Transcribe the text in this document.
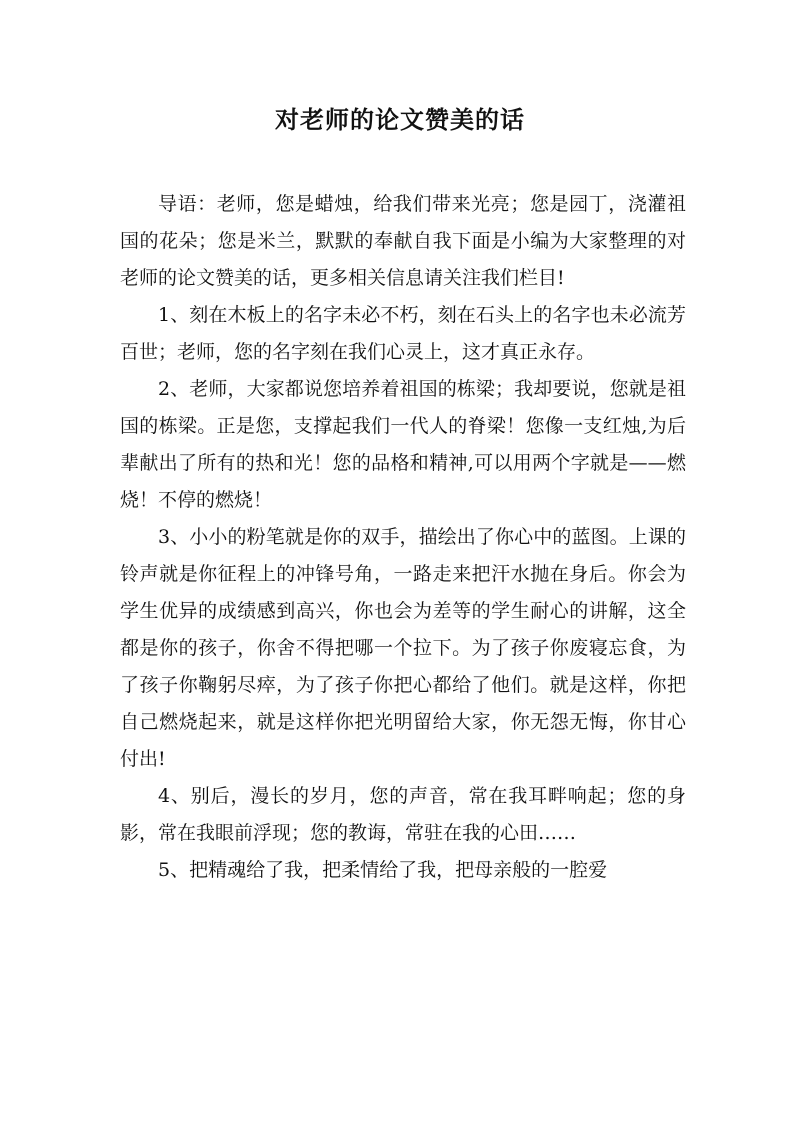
对老师的论文赞美的话

导语：老师，您是蜡烛，给我们带来光亮；您是园丁，浇灌祖国的花朵；您是米兰，默默的奉献自我下面是小编为大家整理的对老师的论文赞美的话，更多相关信息请关注我们栏目!

1、刻在木板上的名字未必不朽，刻在石头上的名字也未必流芳百世；老师，您的名字刻在我们心灵上，这才真正永存。

2、老师，大家都说您培养着祖国的栋梁；我却要说，您就是祖国的栋梁。正是您，支撑起我们一代人的脊梁！您像一支红烛,为后辈献出了所有的热和光！您的品格和精神,可以用两个字就是——燃烧！不停的燃烧！

3、小小的粉笔就是你的双手，描绘出了你心中的蓝图。上课的铃声就是你征程上的冲锋号角，一路走来把汗水抛在身后。你会为学生优异的成绩感到高兴，你也会为差等的学生耐心的讲解，这全都是你的孩子，你舍不得把哪一个拉下。为了孩子你废寝忘食，为了孩子你鞠躬尽瘁，为了孩子你把心都给了他们。就是这样，你把自己燃烧起来，就是这样你把光明留给大家，你无怨无悔，你甘心付出!

4、别后，漫长的岁月，您的声音，常在我耳畔响起；您的身影，常在我眼前浮现；您的教诲，常驻在我的心田……

5、把精魂给了我，把柔情给了我，把母亲般的一腔爱
